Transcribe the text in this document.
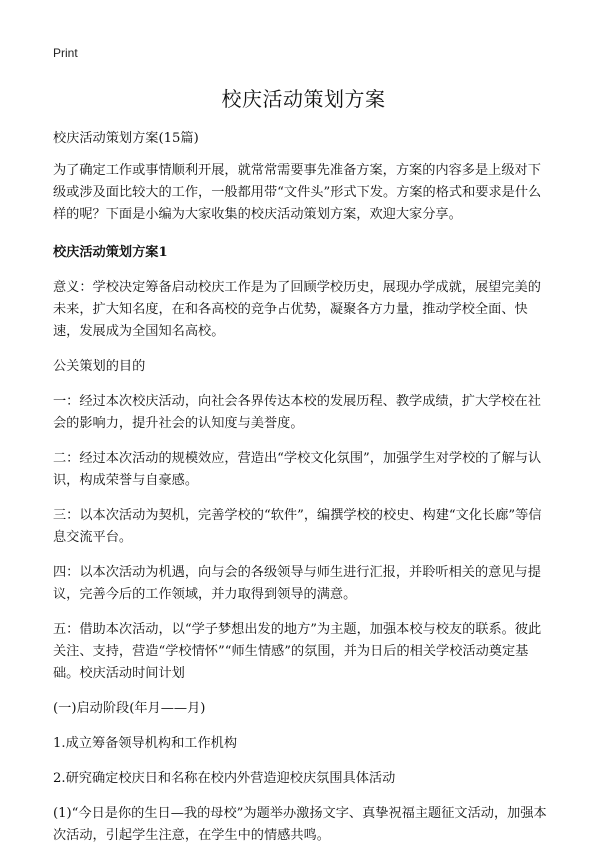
Print

校庆活动策划方案

校庆活动策划方案(15篇)

为了确定工作或事情顺利开展，就常常需要事先准备方案，方案的内容多是上级对下级或涉及面比较大的工作，一般都用带“文件头”形式下发。方案的格式和要求是什么样的呢？下面是小编为大家收集的校庆活动策划方案，欢迎大家分享。

校庆活动策划方案1

意义：学校决定筹备启动校庆工作是为了回顾学校历史，展现办学成就，展望完美的未来，扩大知名度，在和各高校的竞争占优势，凝聚各方力量，推动学校全面、快速，发展成为全国知名高校。

公关策划的目的

一：经过本次校庆活动，向社会各界传达本校的发展历程、教学成绩，扩大学校在社会的影响力，提升社会的认知度与美誉度。

二：经过本次活动的规模效应，营造出“学校文化氛围”，加强学生对学校的了解与认识，构成荣誉与自豪感。

三：以本次活动为契机，完善学校的“软件”，编撰学校的校史、构建“文化长廊”等信息交流平台。

四：以本次活动为机遇，向与会的各级领导与师生进行汇报，并聆听相关的意见与提议，完善今后的工作领域，并力取得到领导的满意。

五：借助本次活动，以“学子梦想出发的地方”为主题，加强本校与校友的联系。彼此关注、支持，营造“学校情怀”“师生情感”的氛围，并为日后的相关学校活动奠定基础。校庆活动时间计划

(一)启动阶段(年月——月)

1.成立筹备领导机构和工作机构

2.研究确定校庆日和名称在校内外营造迎校庆氛围具体活动

(1)“今日是你的生日—我的母校”为题举办激扬文字、真挚祝福主题征文活动，加强本次活动，引起学生注意，在学生中的情感共鸣。
